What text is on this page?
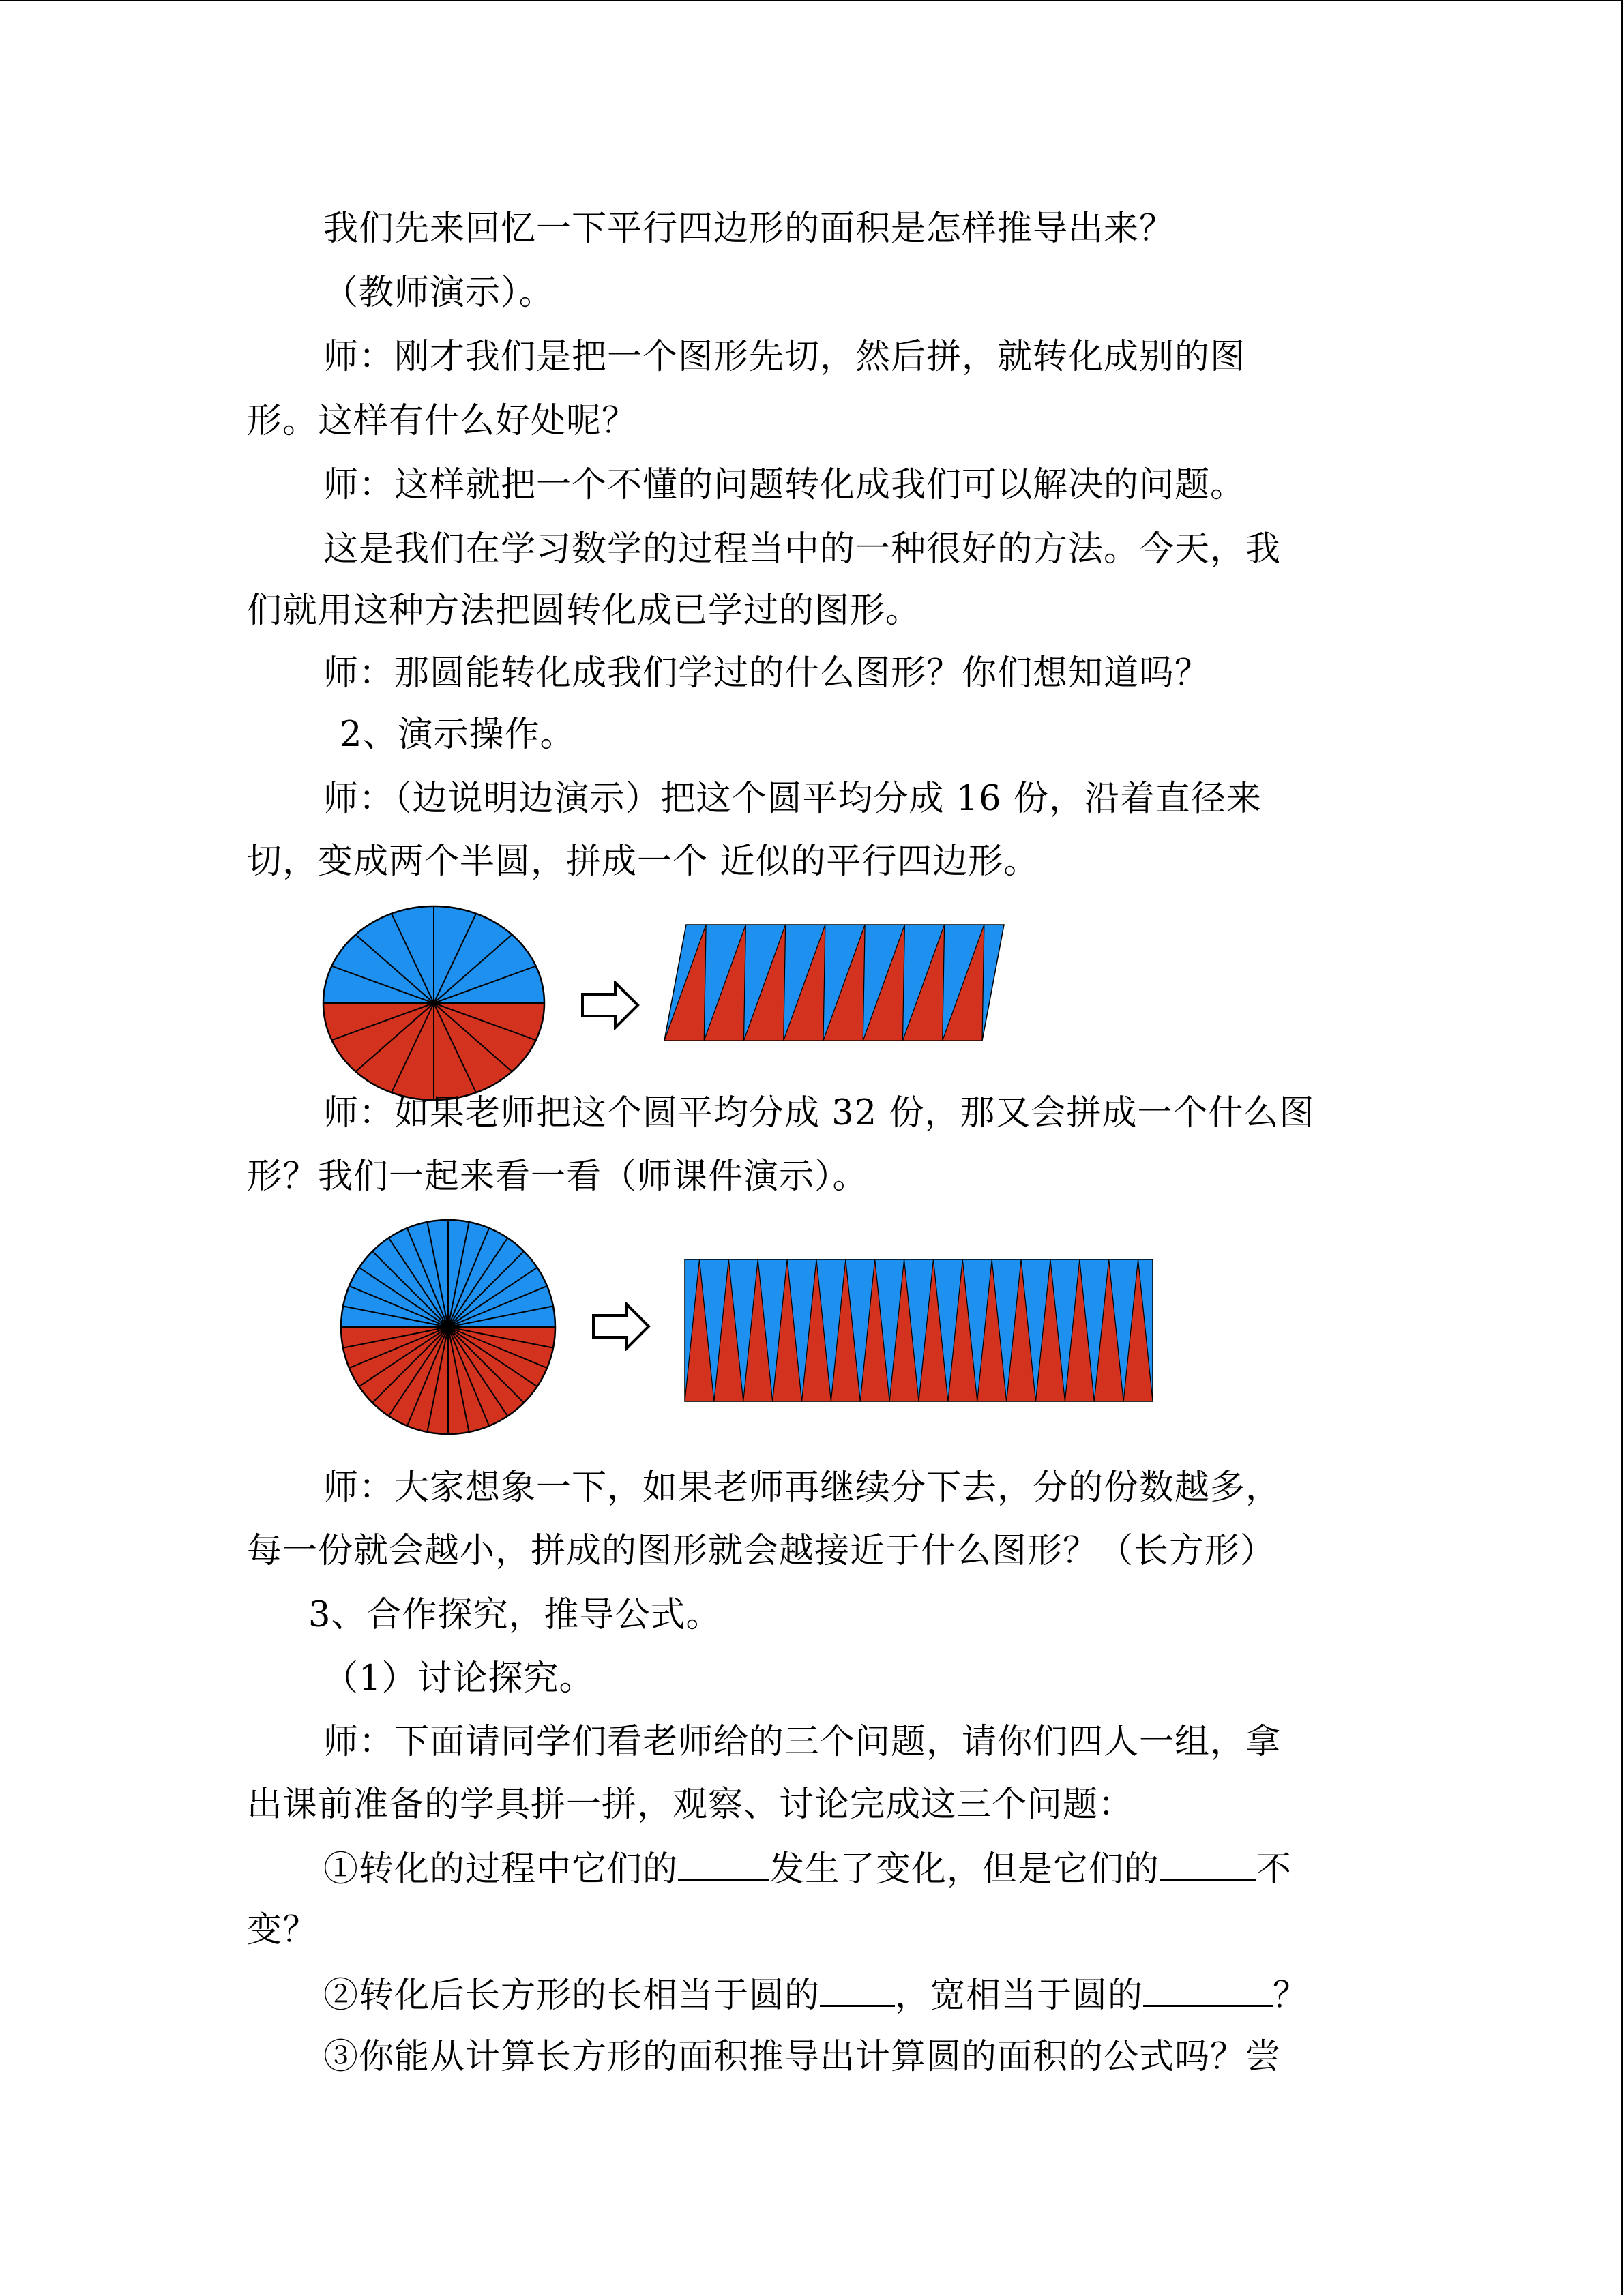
我们先来回忆一下平行四边形的面积是怎样推导出来？
（教师演示）。
师：刚才我们是把一个图形先切，然后拼，就转化成别的图
形。这样有什么好处呢？
师：这样就把一个不懂的问题转化成我们可以解决的问题。
这是我们在学习数学的过程当中的一种很好的方法。今天，我
们就用这种方法把圆转化成已学过的图形。
师：那圆能转化成我们学过的什么图形？你们想知道吗？
2、演示操作。
师：（边说明边演示）把这个圆平均分成 16 份，沿着直径来
切，变成两个半圆，拼成一个 近似的平行四边形。
师：如果老师把这个圆平均分成 32 份，那又会拼成一个什么图
形？我们一起来看一看（师课件演示）。
师：大家想象一下，如果老师再继续分下去，分的份数越多，
每一份就会越小，拼成的图形就会越接近于什么图形？（长方形）
3、合作探究，推导公式。
（1）讨论探究。
师：下面请同学们看老师给的三个问题，请你们四人一组，拿
出课前准备的学具拼一拼，观察、讨论完成这三个问题：
①转化的过程中它们的	发生了变化，但是它们的	不
变？
②转化后长方形的长相当于圆的 ，宽相当于圆的	？
③你能从计算长方形的面积推导出计算圆的面积的公式吗？尝
